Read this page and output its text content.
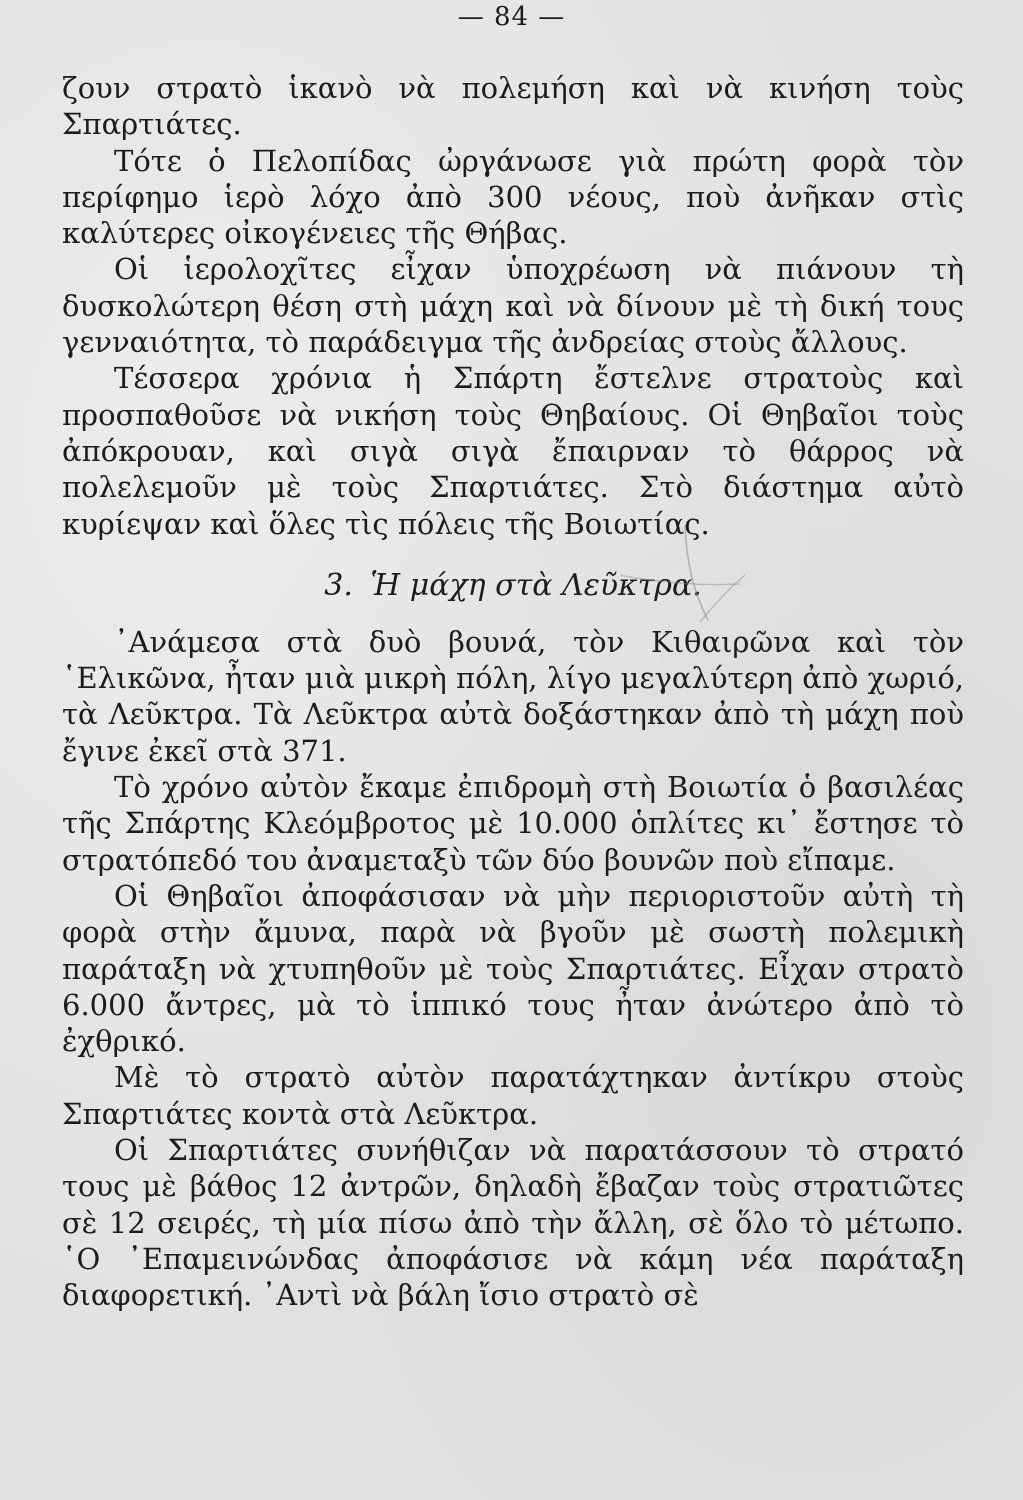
— 84 —

ζουν στρατὸ ἱκανὸ νὰ πολεμήση καὶ νὰ κινήση τοὺς Σπαρτιάτες.

Τότε ὁ Πελοπίδας ὠργάνωσε γιὰ πρώτη φορὰ τὸν περίφημο ἱερὸ λόχο ἀπὸ 300 νέους, ποὺ ἀνῆκαν στὶς καλύτερες οἰκογένειες τῆς Θήβας.

Οἱ ἱερολοχῖτες εἶχαν ὑποχρέωση νὰ πιάνουν τὴ δυσκολώτερη θέση στὴ μάχη καὶ νὰ δίνουν μὲ τὴ δική τους γενναιότητα, τὸ παράδειγμα τῆς ἀνδρείας στοὺς ἄλλους.

Τέσσερα χρόνια ἡ Σπάρτη ἔστελνε στρατοὺς καὶ προσπαθοῦσε νὰ νικήση τοὺς Θηβαίους. Οἱ Θηβαῖοι τοὺς ἀπόκρουαν, καὶ σιγὰ σιγὰ ἔπαιρναν τὸ θάρρος νὰ πολελεμοῦν μὲ τοὺς Σπαρτιάτες. Στὸ διάστημα αὐτὸ κυρίεψαν καὶ ὅλες τὶς πόλεις τῆς Βοιωτίας.

3. Ἡ μάχη στὰ Λεῦκτρα.

᾿Ανάμεσα στὰ δυὸ βουνά, τὸν Κιθαιρῶνα καὶ τὸν ῾Ελικῶνα, ἦταν μιὰ μικρὴ πόλη, λίγο μεγαλύτερη ἀπὸ χωριό, τὰ Λεῦκτρα. Τὰ Λεῦκτρα αὐτὰ δοξάστηκαν ἀπὸ τὴ μάχη ποὺ ἔγινε ἐκεῖ στὰ 371.

Τὸ χρόνο αὐτὸν ἔκαμε ἐπιδρομὴ στὴ Βοιωτία ὁ βασιλέας τῆς Σπάρτης Κλεόμβροτος μὲ 10.000 ὁπλίτες κι᾿ ἔστησε τὸ στρατόπεδό του ἀναμεταξὺ τῶν δύο βουνῶν ποὺ εἴπαμε.

Οἱ Θηβαῖοι ἀποφάσισαν νὰ μὴν περιοριστοῦν αὐτὴ τὴ φορὰ στὴν ἄμυνα, παρὰ νὰ βγοῦν μὲ σωστὴ πολεμικὴ παράταξη νὰ χτυπηθοῦν μὲ τοὺς Σπαρτιάτες. Εἶχαν στρατὸ 6.000 ἄντρες, μὰ τὸ ἱππικό τους ἦταν ἀνώτερο ἀπὸ τὸ ἐχθρικό.

Μὲ τὸ στρατὸ αὐτὸν παρατάχτηκαν ἀντίκρυ στοὺς Σπαρτιάτες κοντὰ στὰ Λεῦκτρα.

Οἱ Σπαρτιάτες συνήθιζαν νὰ παρατάσσουν τὸ στρατό τους μὲ βάθος 12 ἀντρῶν, δηλαδὴ ἔβαζαν τοὺς στρατιῶτες σὲ 12 σειρές, τὴ μία πίσω ἀπὸ τὴν ἄλλη, σὲ ὅλο τὸ μέτωπο. ῾Ο ᾿Επαμεινώνδας ἀποφάσισε νὰ κάμη νέα παράταξη διαφορετική. ᾿Αντὶ νὰ βάλη ἴσιο στρατὸ σὲ
